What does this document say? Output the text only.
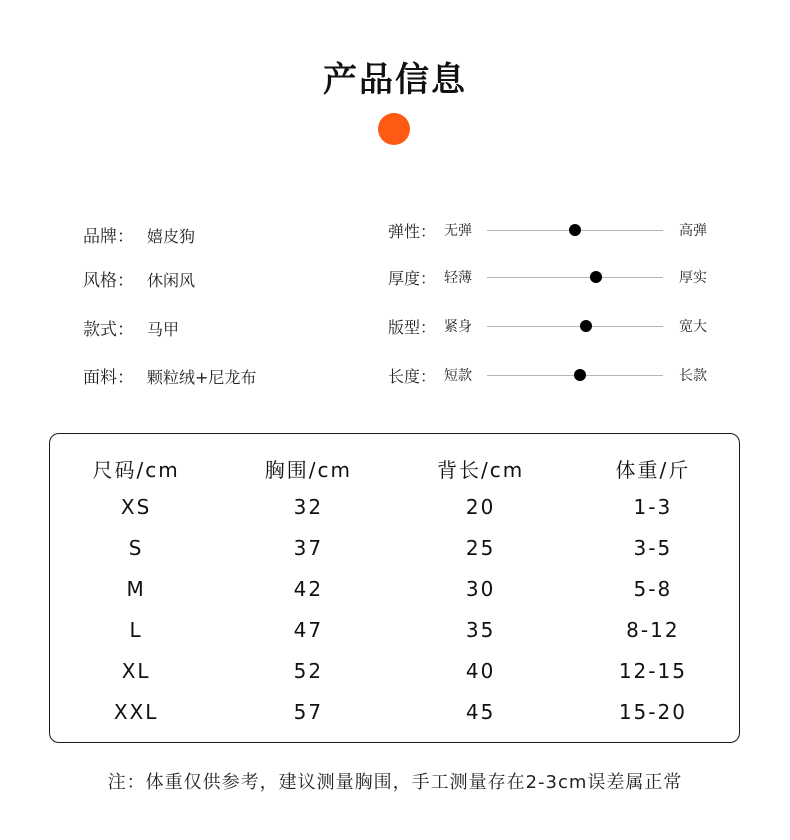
产品信息
品牌： 嬉皮狗
风格： 休闲风
款式： 马甲
面料： 颗粒绒+尼龙布
弹性： 无弹	高弹
厚度： 轻薄	厚实
版型： 紧身	宽大
长度： 短款	长款
尺码/cm	胸围/cm	背长/cm	体重/斤
XS	32	20	1-3
S	37	25	3-5
M	42	30	5-8
L	47	35	8-12
XL	52	40	12-15
XXL	57	45	15-20
注：体重仅供参考，建议测量胸围，手工测量存在2-3cm误差属正常
